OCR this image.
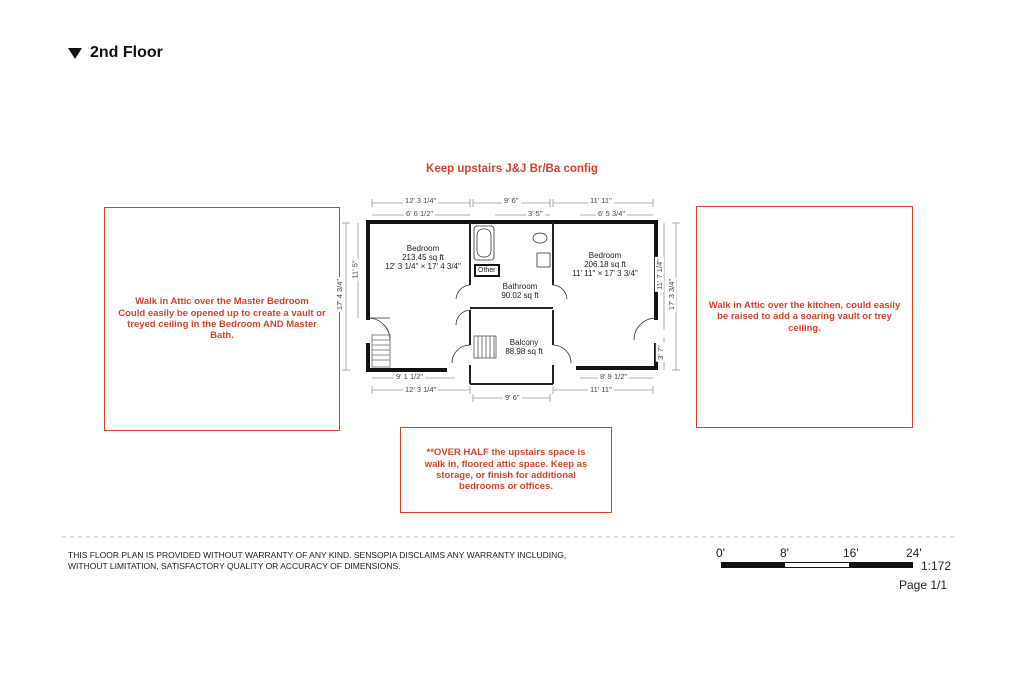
2nd Floor
Keep upstairs J&J Br/Ba config
Walk in Attic over the Master Bedroom
Could easily be opened up to create a vault or
treyed ceiling in the Bedroom AND Master
Bath.
Walk in Attic over the kitchen, could easily
be raised to add a soaring vault or trey
ceiling.
**OVER HALF the upstairs space is
walk in, floored attic space. Keep as
storage, or finish for additional
bedrooms or offices.
Other
Bedroom
213.45 sq ft
12' 3 1/4" × 17' 4 3/4"
Bedroom
206.18 sq ft
11' 11" × 17' 3 3/4"
Bathroom
90.02 sq ft
Balcony
88.98 sq ft
12' 3 1/4"
6' 6 1/2"
9' 6"
3' 5"
11' 11"
6' 5 3/4"
17' 4 3/4"
11' 5"	11' 7 1/4"
17' 3 3/4"
3' 7"
9' 1 1/2"
12' 3 1/4"
9' 6"
8' 9 1/2"
11' 11"
THIS FLOOR PLAN IS PROVIDED WITHOUT WARRANTY OF ANY KIND. SENSOPIA DISCLAIMS ANY WARRANTY INCLUDING,
WITHOUT LIMITATION, SATISFACTORY QUALITY OR ACCURACY OF DIMENSIONS.
0'	8'	16'	24'
1:172
Page 1/1
